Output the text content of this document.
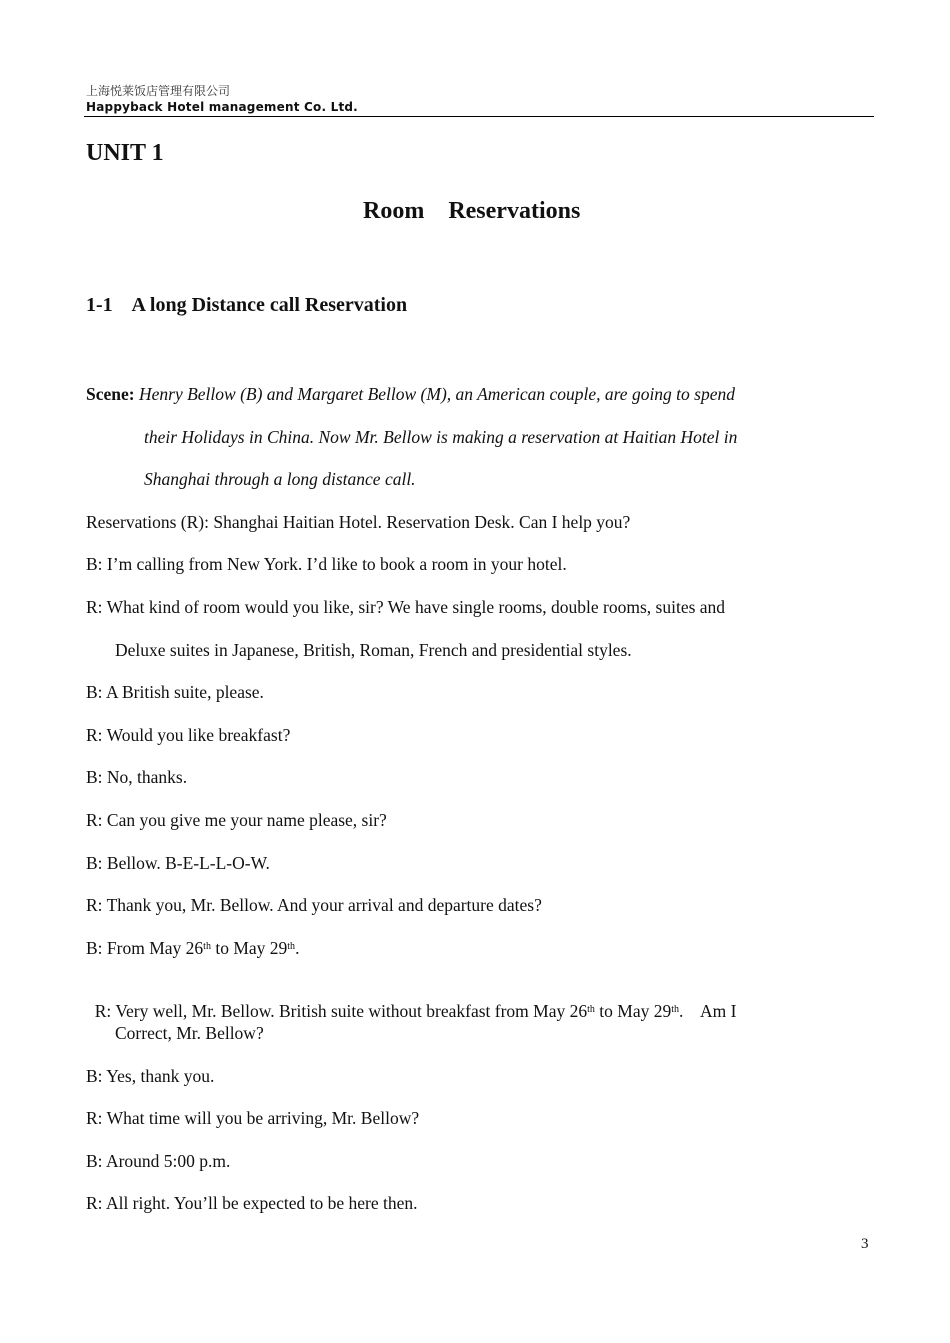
上海悦莱饭店管理有限公司
Happyback Hotel management Co. Ltd.
UNIT 1
Room    Reservations
1-1    A long Distance call Reservation
Scene: Henry Bellow (B) and Margaret Bellow (M), an American couple, are going to spend
their Holidays in China. Now Mr. Bellow is making a reservation at Haitian Hotel in
Shanghai through a long distance call.
Reservations (R): Shanghai Haitian Hotel. Reservation Desk. Can I help you?
B: I’m calling from New York. I’d like to book a room in your hotel.
R: What kind of room would you like, sir? We have single rooms, double rooms, suites and
Deluxe suites in Japanese, British, Roman, French and presidential styles.
B: A British suite, please.
R: Would you like breakfast?
B: No, thanks.
R: Can you give me your name please, sir?
B: Bellow. B-E-L-L-O-W.
R: Thank you, Mr. Bellow. And your arrival and departure dates?
B: From May 26th to May 29th.

R: Very well, Mr. Bellow. British suite without breakfast from May 26th to May 29th.    Am I

Correct, Mr. Bellow?
B: Yes, thank you.
R: What time will you be arriving, Mr. Bellow?
B: Around 5:00 p.m.
R: All right. You’ll be expected to be here then.
3
